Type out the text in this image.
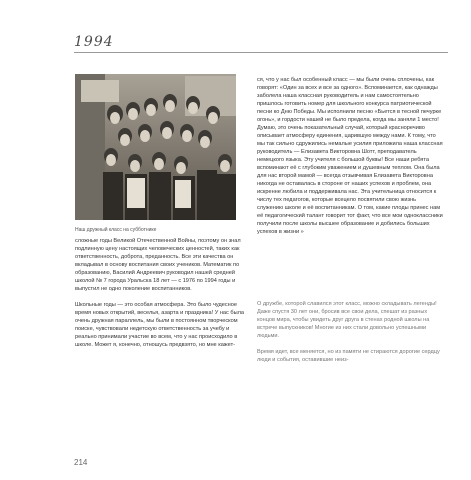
1994
Наш дружный класс на субботнике

сложные годы Великой Отечественной Войны, поэтому он знал подлинную цену настоящих человеческих ценностей, таких как ответственность, доброта, преданность. Все эти качества он вкладывал в основу воспитания своих учеников. Математик по образованию, Василий Андреевич руководил нашей средней школой № 7 города Уральска 18 лет — с 1976 по 1994 годы и выпустил не одно поколение воспитанников.

Школьные годы — это особая атмосфера. Это было чудесное время новых открытий, веселья, азарта и праздника! У нас была очень дружная параллель, мы были в постоянном творческом поиске, чувствовали недетскую ответственность за учебу и реально принимали участие во всем, что у нас происходило в школе. Может я, конечно, отношусь предвзято, но мне кажет-

ся, что у нас был особенный класс — мы были очень сплочены, как говорят: «Один за всех и все за одного». Вспоминается, как однажды заболела наша классная руководитель и нам самостоятельно пришлось готовить номер для школьного конкурса патриотической песни ко Дню Победы. Мы исполнили песню «Бьется в тесной печурке огонь», и гордости нашей не было предела, когда мы заняли 1 место! Думаю, это очень показательный случай, который красноречиво описывает атмосферу единения, царившую между нами. К тому, что мы так сильно сдружились немалые усилия приложила наша классная руководитель — Елизавета Викторовна Шотт, преподаватель немецкого языка. Эту учителя с большой буквы! Все наши ребята вспоминают её с глубоким уважением и душевным теплом. Она была для нас второй мамой — всегда отзывчивая Елизавета Викторовна никогда не оставалась в стороне от наших успехов и проблем, она искренне любила и поддерживала нас. Эта учительница относится к числу тех педагогов, которые всецело посвятили свою жизнь служению школе и её воспитанникам. О том, какие плоды принес нам её педагогический талант говорит тот факт, что все мои одноклассники получили после школы высшее образование и добились больших успехов в жизни »

О дружбе, которой славился этот класс, можно складывать легенды! Даже спустя 30 лет они, бросив все свои дела, спешат из разных концов мира, чтобы увидеть друг друга в стенах родной школы на встрече выпускников! Многие из них стали довольно успешными людьми.

Время идет, все меняется, но из памяти не стираются дорогие сердцу люди и события, оставившие неиз-

214
